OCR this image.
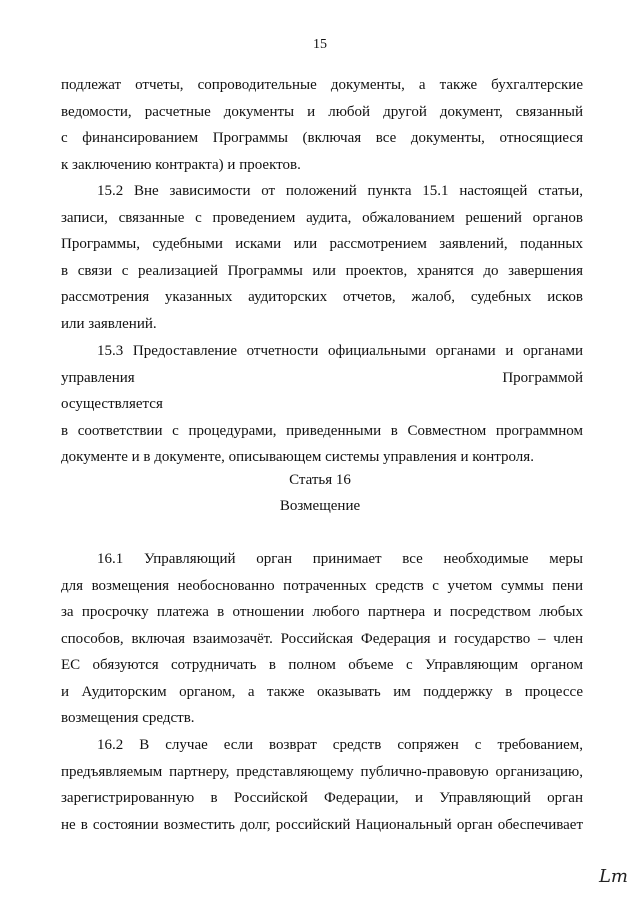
15
подлежат отчеты, сопроводительные документы, а также бухгалтерские
ведомости, расчетные документы и любой другой документ, связанный
с финансированием Программы (включая все документы, относящиеся
к заключению контракта) и проектов.
15.2 Вне зависимости от положений пункта 15.1 настоящей статьи,
записи, связанные с проведением аудита, обжалованием решений органов
Программы, судебными исками или рассмотрением заявлений, поданных
в связи с реализацией Программы или проектов, хранятся до завершения
рассмотрения указанных аудиторских отчетов, жалоб, судебных исков
или заявлений.
15.3 Предоставление отчетности официальными органами и органами
управления Программой осуществляется
в соответствии с процедурами, приведенными в Совместном программном
документе и в документе, описывающем системы управления и контроля.
Статья 16
Возмещение
16.1 Управляющий орган принимает все необходимые меры
для возмещения необоснованно потраченных средств с учетом суммы пени
за просрочку платежа в отношении любого партнера и посредством любых
способов, включая взаимозачёт. Российская Федерация и государство – член
ЕС обязуются сотрудничать в полном объеме с Управляющим органом
и Аудиторским органом, а также оказывать им поддержку в процессе
возмещения средств.
16.2 В случае если возврат средств сопряжен с требованием,
предъявляемым партнеру, представляющему публично-правовую организацию,
зарегистрированную в Российской Федерации, и Управляющий орган
не в состоянии возместить долг, российский Национальный орган обеспечивает
Lm
